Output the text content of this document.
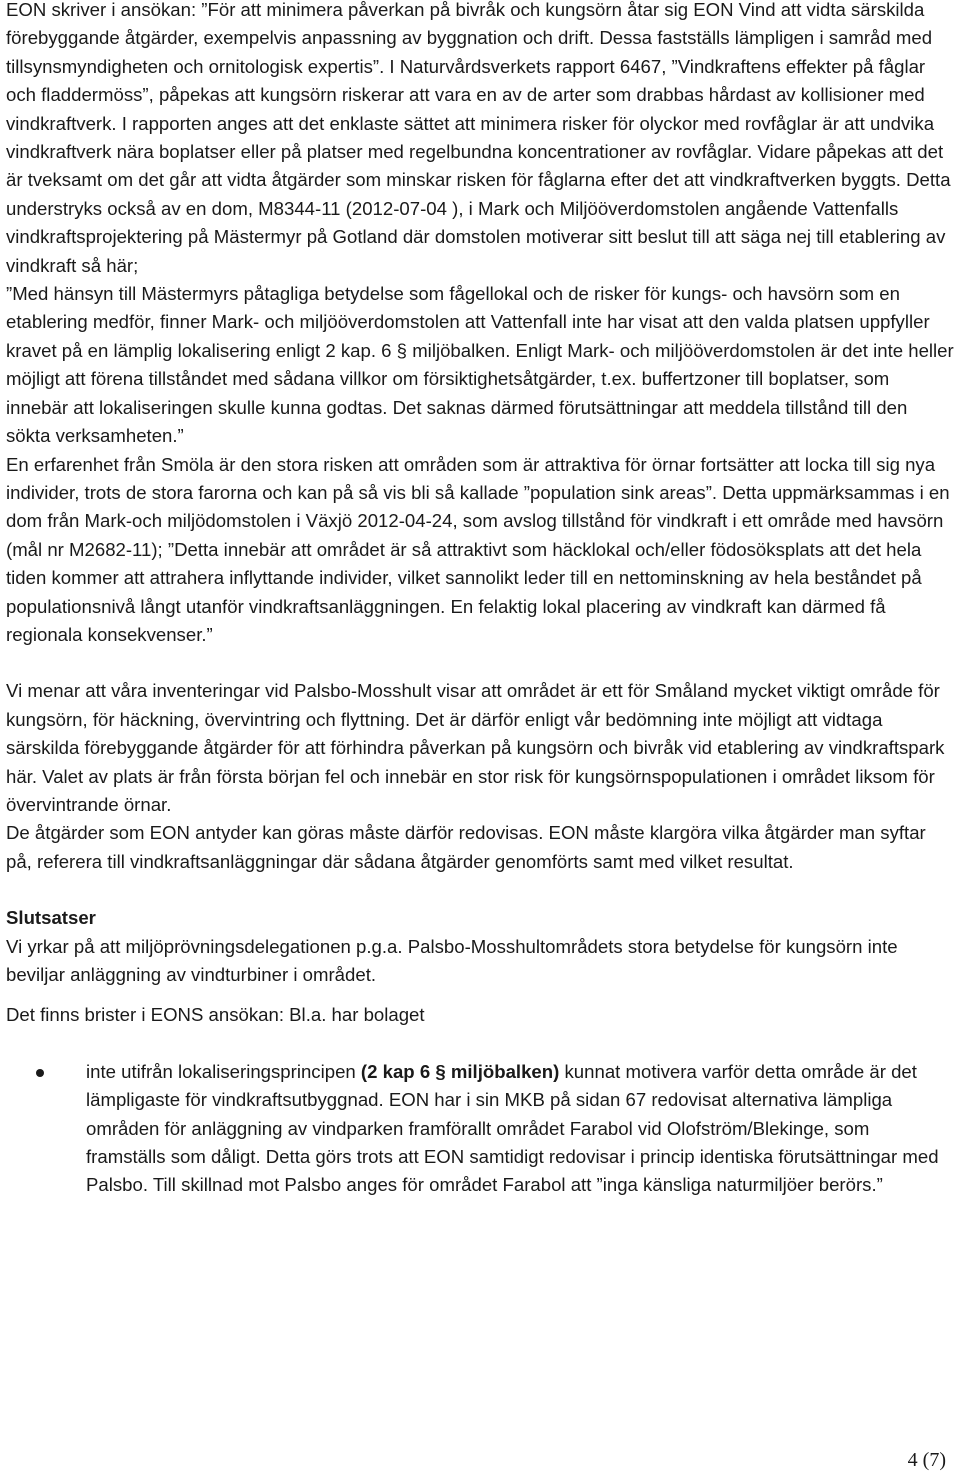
EON skriver i ansökan: ”För att minimera påverkan på bivråk och kungsörn åtar sig EON Vind att vidta särskilda förebyggande åtgärder, exempelvis anpassning av byggnation och drift. Dessa fastställs lämpligen i samråd med tillsynsmyndigheten och ornitologisk expertis”. I Naturvårdsverkets rapport 6467, ”Vindkraftens effekter på fåglar och fladdermöss”, påpekas att kungsörn riskerar att vara en av de arter som drabbas hårdast av kollisioner med vindkraftverk. I rapporten anges att det enklaste sättet att minimera risker för olyckor med rovfåglar är att undvika vindkraftverk nära boplatser eller på platser med regelbundna koncentrationer av rovfåglar. Vidare påpekas att det är tveksamt om det går att vidta åtgärder som minskar risken för fåglarna efter det att vindkraftverken byggts. Detta understryks också av en dom, M8344-11 (2012-07-04 ), i Mark och Miljööverdomstolen angående Vattenfalls vindkraftsprojektering på Mästermyr på Gotland där domstolen motiverar sitt beslut till att säga nej till etablering av vindkraft så här;

”Med hänsyn till Mästermyrs påtagliga betydelse som fågellokal och de risker för kungs- och havsörn som en etablering medför, finner Mark- och miljööverdomstolen att Vattenfall inte har visat att den valda platsen uppfyller kravet på en lämplig lokalisering enligt 2 kap. 6 § miljöbalken. Enligt Mark- och miljööverdomstolen är det inte heller möjligt att förena tillståndet med sådana villkor om försiktighetsåtgärder, t.ex. buffertzoner till boplatser, som innebär att lokaliseringen skulle kunna godtas. Det saknas därmed förutsättningar att meddela tillstånd till den sökta verksamheten.”

En erfarenhet från Smöla är den stora risken att områden som är attraktiva för örnar fortsätter att locka till sig nya individer, trots de stora farorna och kan på så vis bli så kallade ”population sink areas”. Detta uppmärksammas i en dom från Mark-och miljödomstolen i Växjö 2012-04-24, som avslog tillstånd för vindkraft i ett område med havsörn (mål nr M2682-11); ”Detta innebär att området är så attraktivt som häcklokal och/eller födosöksplats att det hela tiden kommer att attrahera inflyttande individer, vilket sannolikt leder till en nettominskning av hela beståndet på populationsnivå långt utanför vindkraftsanläggningen. En felaktig lokal placering av vindkraft kan därmed få regionala konsekvenser.”

Vi menar att våra inventeringar vid Palsbo-Mosshult visar att området är ett för Småland mycket viktigt område för kungsörn, för häckning, övervintring och flyttning. Det är därför enligt vår bedömning inte möjligt att vidtaga särskilda förebyggande åtgärder för att förhindra påverkan på kungsörn och bivråk vid etablering av vindkraftspark här. Valet av plats är från första början fel och innebär en stor risk för kungsörnspopulationen i området liksom för övervintrande örnar.

De åtgärder som EON antyder kan göras måste därför redovisas. EON måste klargöra vilka åtgärder man syftar på, referera till vindkraftsanläggningar där sådana åtgärder genomförts samt med vilket resultat.

Slutsatser

Vi yrkar på att miljöprövningsdelegationen p.g.a. Palsbo-Mosshultområdets stora betydelse för kungsörn inte beviljar anläggning av vindturbiner i området.

Det finns brister i EONS ansökan: Bl.a. har bolaget

inte utifrån lokaliseringsprincipen (2 kap 6 § miljöbalken) kunnat motivera varför detta område är det lämpligaste för vindkraftsutbyggnad. EON har i sin MKB på sidan 67 redovisat alternativa lämpliga områden för anläggning av vindparken framförallt området Farabol vid Olofström/Blekinge, som framställs som dåligt. Detta görs trots att EON samtidigt redovisar i princip identiska förutsättningar med Palsbo. Till skillnad mot Palsbo anges för området Farabol att ”inga känsliga naturmiljöer berörs.”
4 (7)
